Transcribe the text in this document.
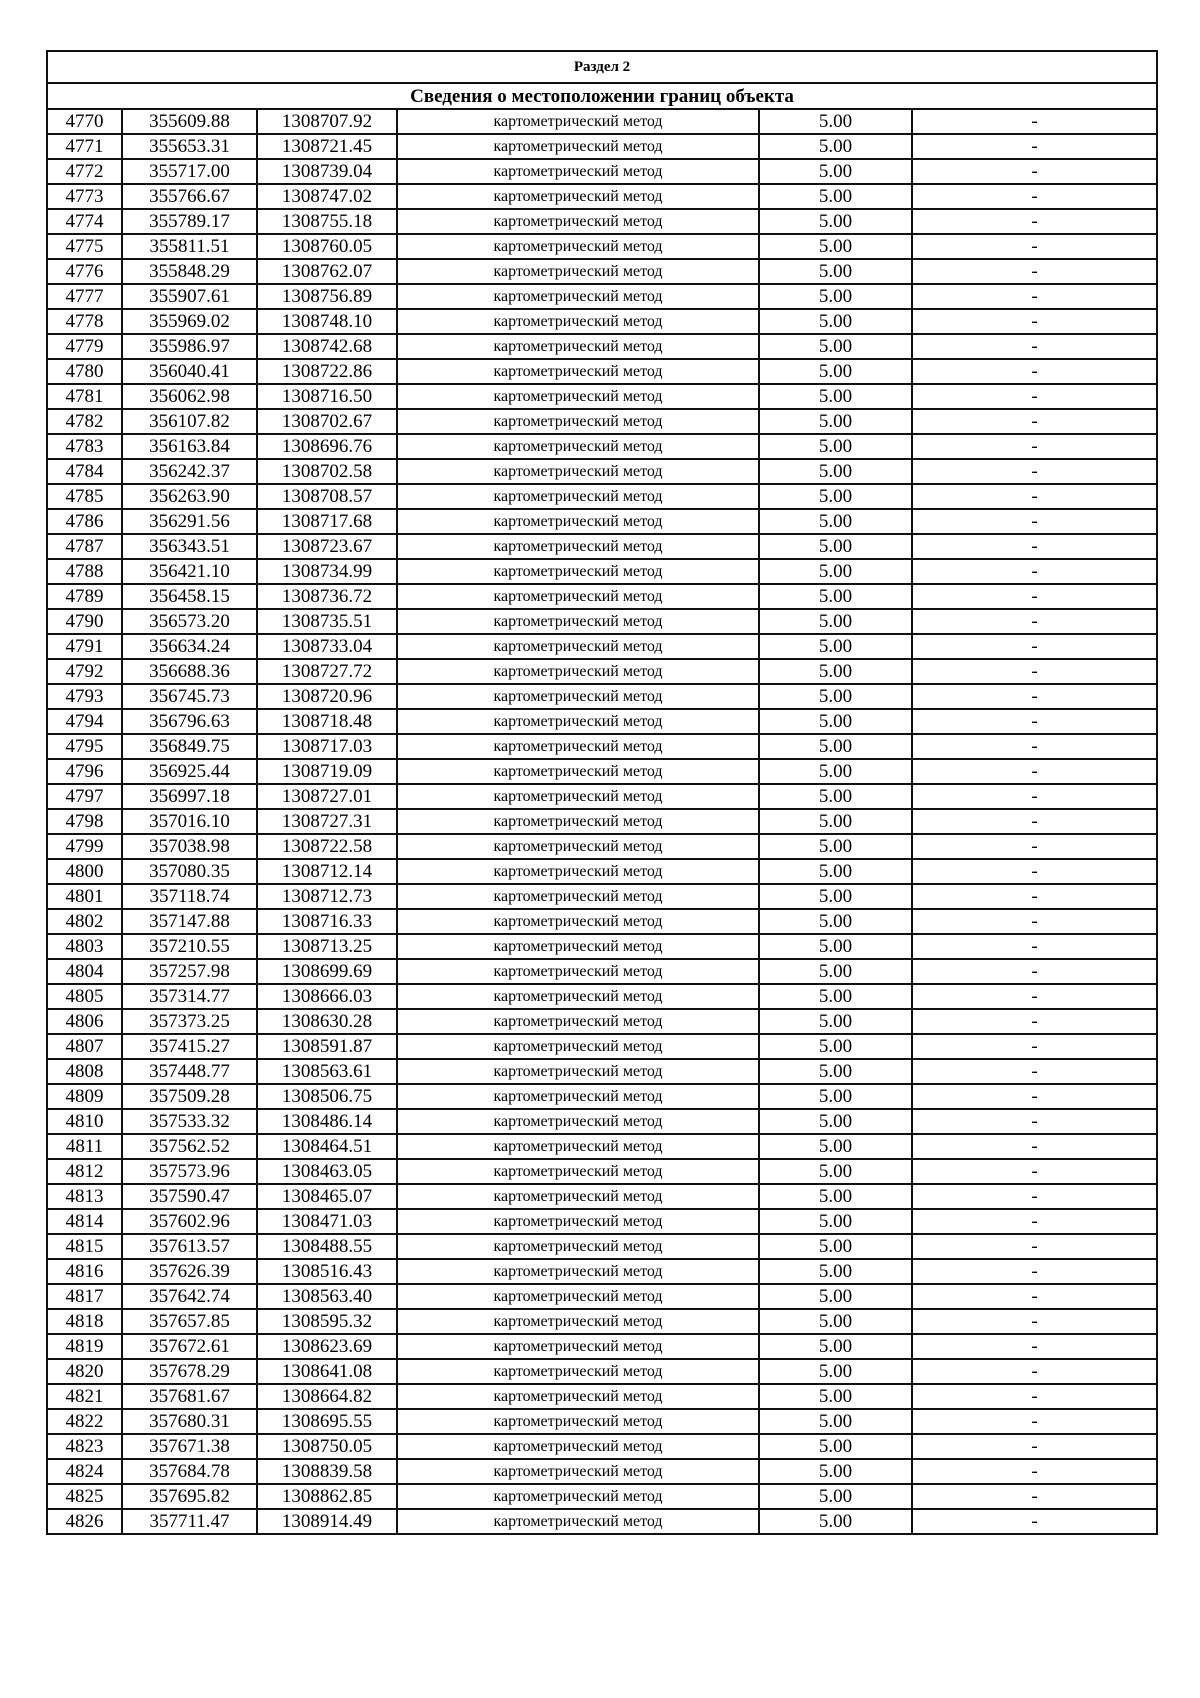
Раздел 2					
Сведения о местоположении границ объекта					
4770	355609.88	1308707.92	картометрический метод	5.00	-
4771	355653.31	1308721.45	картометрический метод	5.00	-
4772	355717.00	1308739.04	картометрический метод	5.00	-
4773	355766.67	1308747.02	картометрический метод	5.00	-
4774	355789.17	1308755.18	картометрический метод	5.00	-
4775	355811.51	1308760.05	картометрический метод	5.00	-
4776	355848.29	1308762.07	картометрический метод	5.00	-
4777	355907.61	1308756.89	картометрический метод	5.00	-
4778	355969.02	1308748.10	картометрический метод	5.00	-
4779	355986.97	1308742.68	картометрический метод	5.00	-
4780	356040.41	1308722.86	картометрический метод	5.00	-
4781	356062.98	1308716.50	картометрический метод	5.00	-
4782	356107.82	1308702.67	картометрический метод	5.00	-
4783	356163.84	1308696.76	картометрический метод	5.00	-
4784	356242.37	1308702.58	картометрический метод	5.00	-
4785	356263.90	1308708.57	картометрический метод	5.00	-
4786	356291.56	1308717.68	картометрический метод	5.00	-
4787	356343.51	1308723.67	картометрический метод	5.00	-
4788	356421.10	1308734.99	картометрический метод	5.00	-
4789	356458.15	1308736.72	картометрический метод	5.00	-
4790	356573.20	1308735.51	картометрический метод	5.00	-
4791	356634.24	1308733.04	картометрический метод	5.00	-
4792	356688.36	1308727.72	картометрический метод	5.00	-
4793	356745.73	1308720.96	картометрический метод	5.00	-
4794	356796.63	1308718.48	картометрический метод	5.00	-
4795	356849.75	1308717.03	картометрический метод	5.00	-
4796	356925.44	1308719.09	картометрический метод	5.00	-
4797	356997.18	1308727.01	картометрический метод	5.00	-
4798	357016.10	1308727.31	картометрический метод	5.00	-
4799	357038.98	1308722.58	картометрический метод	5.00	-
4800	357080.35	1308712.14	картометрический метод	5.00	-
4801	357118.74	1308712.73	картометрический метод	5.00	-
4802	357147.88	1308716.33	картометрический метод	5.00	-
4803	357210.55	1308713.25	картометрический метод	5.00	-
4804	357257.98	1308699.69	картометрический метод	5.00	-
4805	357314.77	1308666.03	картометрический метод	5.00	-
4806	357373.25	1308630.28	картометрический метод	5.00	-
4807	357415.27	1308591.87	картометрический метод	5.00	-
4808	357448.77	1308563.61	картометрический метод	5.00	-
4809	357509.28	1308506.75	картометрический метод	5.00	-
4810	357533.32	1308486.14	картометрический метод	5.00	-
4811	357562.52	1308464.51	картометрический метод	5.00	-
4812	357573.96	1308463.05	картометрический метод	5.00	-
4813	357590.47	1308465.07	картометрический метод	5.00	-
4814	357602.96	1308471.03	картометрический метод	5.00	-
4815	357613.57	1308488.55	картометрический метод	5.00	-
4816	357626.39	1308516.43	картометрический метод	5.00	-
4817	357642.74	1308563.40	картометрический метод	5.00	-
4818	357657.85	1308595.32	картометрический метод	5.00	-
4819	357672.61	1308623.69	картометрический метод	5.00	-
4820	357678.29	1308641.08	картометрический метод	5.00	-
4821	357681.67	1308664.82	картометрический метод	5.00	-
4822	357680.31	1308695.55	картометрический метод	5.00	-
4823	357671.38	1308750.05	картометрический метод	5.00	-
4824	357684.78	1308839.58	картометрический метод	5.00	-
4825	357695.82	1308862.85	картометрический метод	5.00	-
4826	357711.47	1308914.49	картометрический метод	5.00	-
